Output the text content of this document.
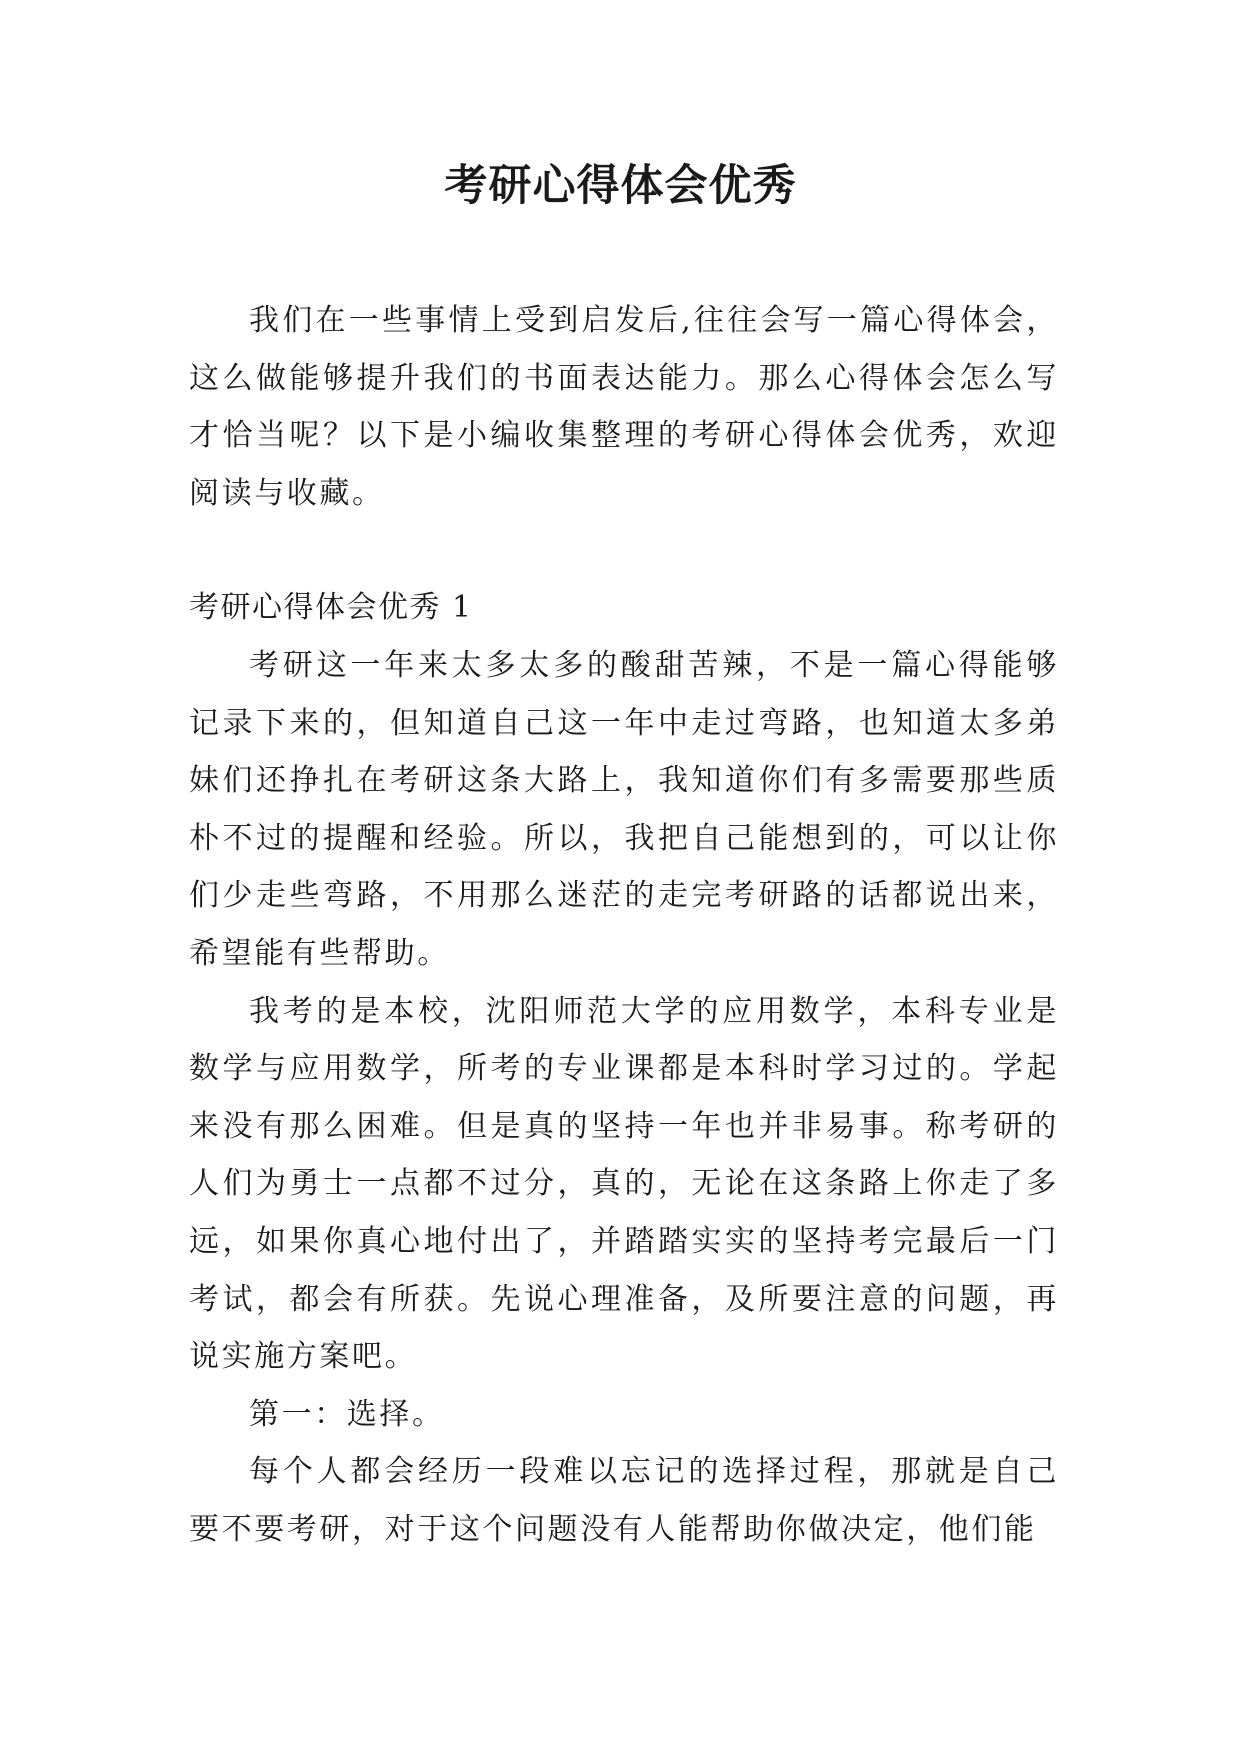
考研心得体会优秀

我们在一些事情上受到启发后,往往会写一篇心得体会，这么做能够提升我们的书面表达能力。那么心得体会怎么写才恰当呢？以下是小编收集整理的考研心得体会优秀，欢迎阅读与收藏。

考研心得体会优秀 1

考研这一年来太多太多的酸甜苦辣，不是一篇心得能够记录下来的，但知道自己这一年中走过弯路，也知道太多弟妹们还挣扎在考研这条大路上，我知道你们有多需要那些质朴不过的提醒和经验。所以，我把自己能想到的，可以让你们少走些弯路，不用那么迷茫的走完考研路的话都说出来，希望能有些帮助。

我考的是本校，沈阳师范大学的应用数学，本科专业是数学与应用数学，所考的专业课都是本科时学习过的。学起来没有那么困难。但是真的坚持一年也并非易事。称考研的人们为勇士一点都不过分，真的，无论在这条路上你走了多远，如果你真心地付出了，并踏踏实实的坚持考完最后一门考试，都会有所获。先说心理准备，及所要注意的问题，再说实施方案吧。

第一：选择。

每个人都会经历一段难以忘记的选择过程，那就是自己要不要考研，对于这个问题没有人能帮助你做决定，他们能
